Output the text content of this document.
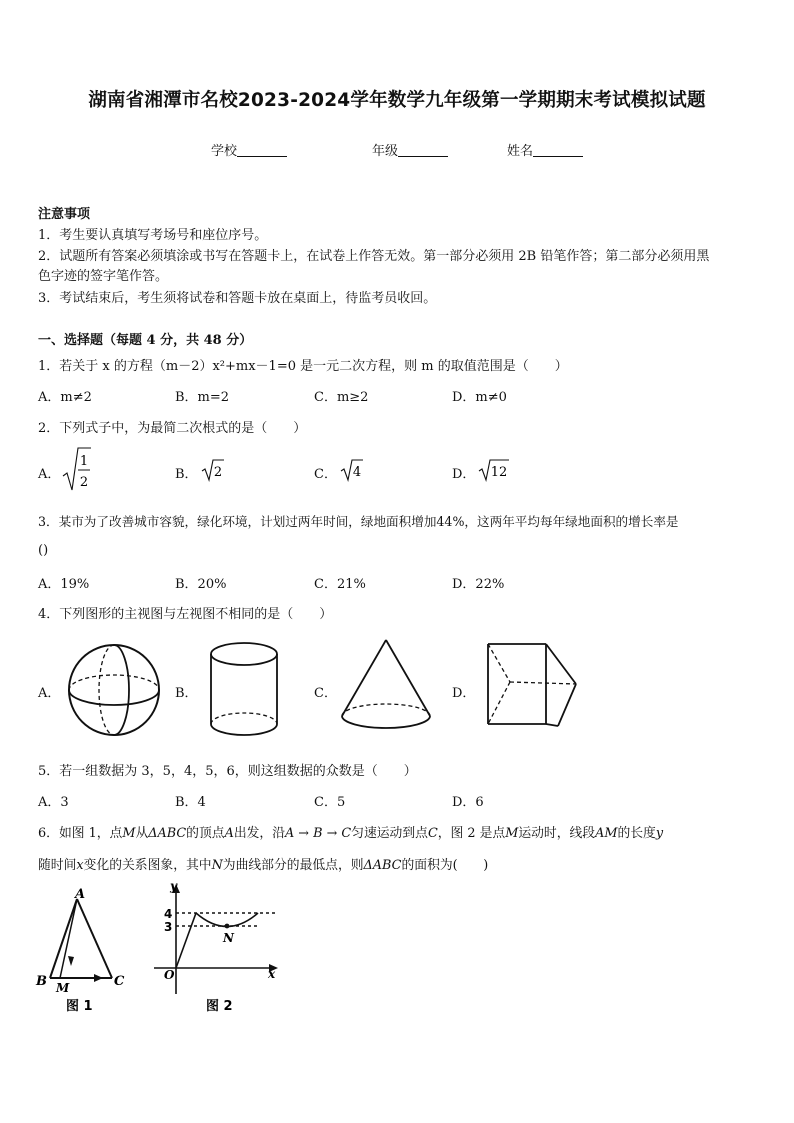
湖南省湘潭市名校2023-2024学年数学九年级第一学期期末考试模拟试题
学校	年级	姓名
注意事项
1．考生要认真填写考场号和座位序号。
2．试题所有答案必须填涂或书写在答题卡上，在试卷上作答无效。第一部分必须用 2B 铅笔作答；第二部分必须用黑
色字迹的签字笔作答。
3．考试结束后，考生须将试卷和答题卡放在桌面上，待监考员收回。
一、选择题（每题 4 分，共 48 分）
1．若关于 x 的方程（m－2）x²+mx－1=0 是一元二次方程，则 m 的取值范围是（　　）
A．m≠2	B．m=2	C．m≥2	D．m≠0
2．下列式子中，为最简二次根式的是（　　）
A．
1
2
B． 2	C． 4	D． 12
3．某市为了改善城市容貌，绿化环境，计划过两年时间，绿地面积增加44%，这两年平均每年绿地面积的增长率是
()
A．19%	B．20%	C．21%	D．22%
4．下列图形的主视图与左视图不相同的是（　　）
A．	B．	C．	D．
5．若一组数据为 3，5，4，5，6，则这组数据的众数是（　　）
A．3	B．4	C．5	D．6
6．如图 1，点M从ΔABC的顶点A出发，沿A → B → C匀速运动到点C，图 2 是点M运动时，线段AM的长度y
随时间x变化的关系图象，其中N为曲线部分的最低点，则ΔABC的面积为(　　)
A
B M	C
图 1
y
x
O
4
3
N
图 2
